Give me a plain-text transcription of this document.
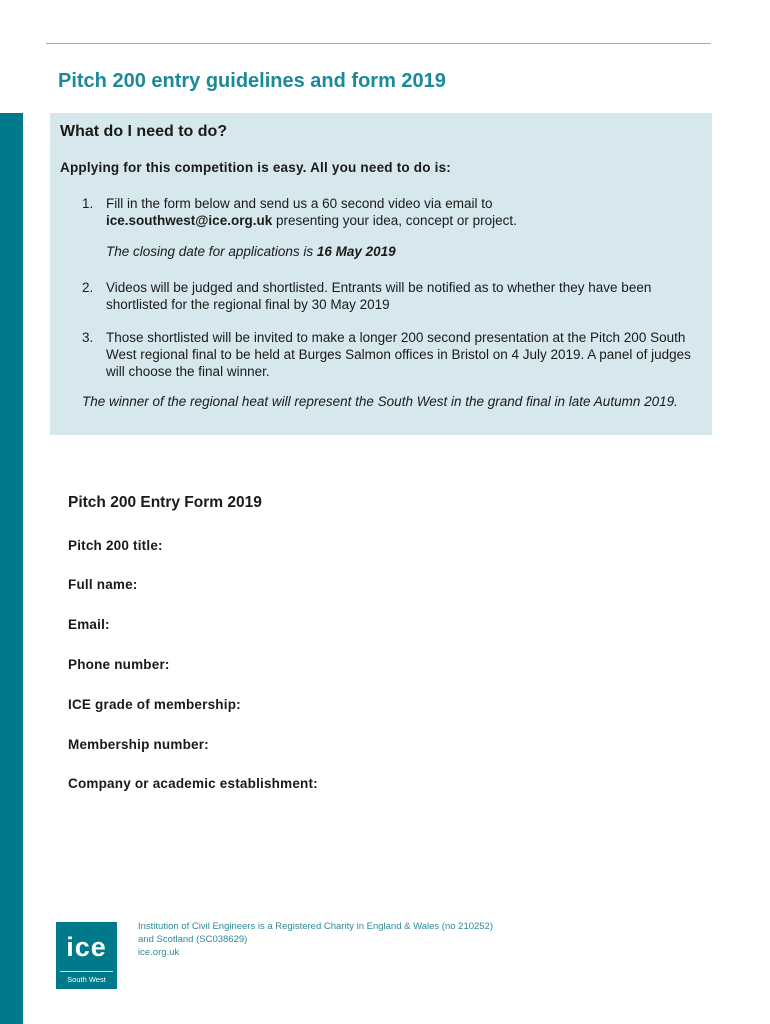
Pitch 200 entry guidelines and form 2019
What do I need to do?

Applying for this competition is easy. All you need to do is:

1. Fill in the form below and send us a 60 second video via email to
ice.southwest@ice.org.uk presenting your idea, concept or project.
The closing date for applications is 16 May 2019
2. Videos will be judged and shortlisted. Entrants will be notified as to whether they have been shortlisted for the regional final by 30 May 2019
3. Those shortlisted will be invited to make a longer 200 second presentation at the Pitch 200 South West regional final to be held at Burges Salmon offices in Bristol on 4 July 2019. A panel of judges will choose the final winner.
The winner of the regional heat will represent the South West in the grand final in late Autumn 2019.
Pitch 200 Entry Form 2019
Pitch 200 title:
Full name:
Email:
Phone number:
ICE grade of membership:
Membership number:
Company or academic establishment:
ice
South West
Institution of Civil Engineers is a Registered Charity in England & Wales (no 210252)
and Scotland (SC038629)
ice.org.uk
